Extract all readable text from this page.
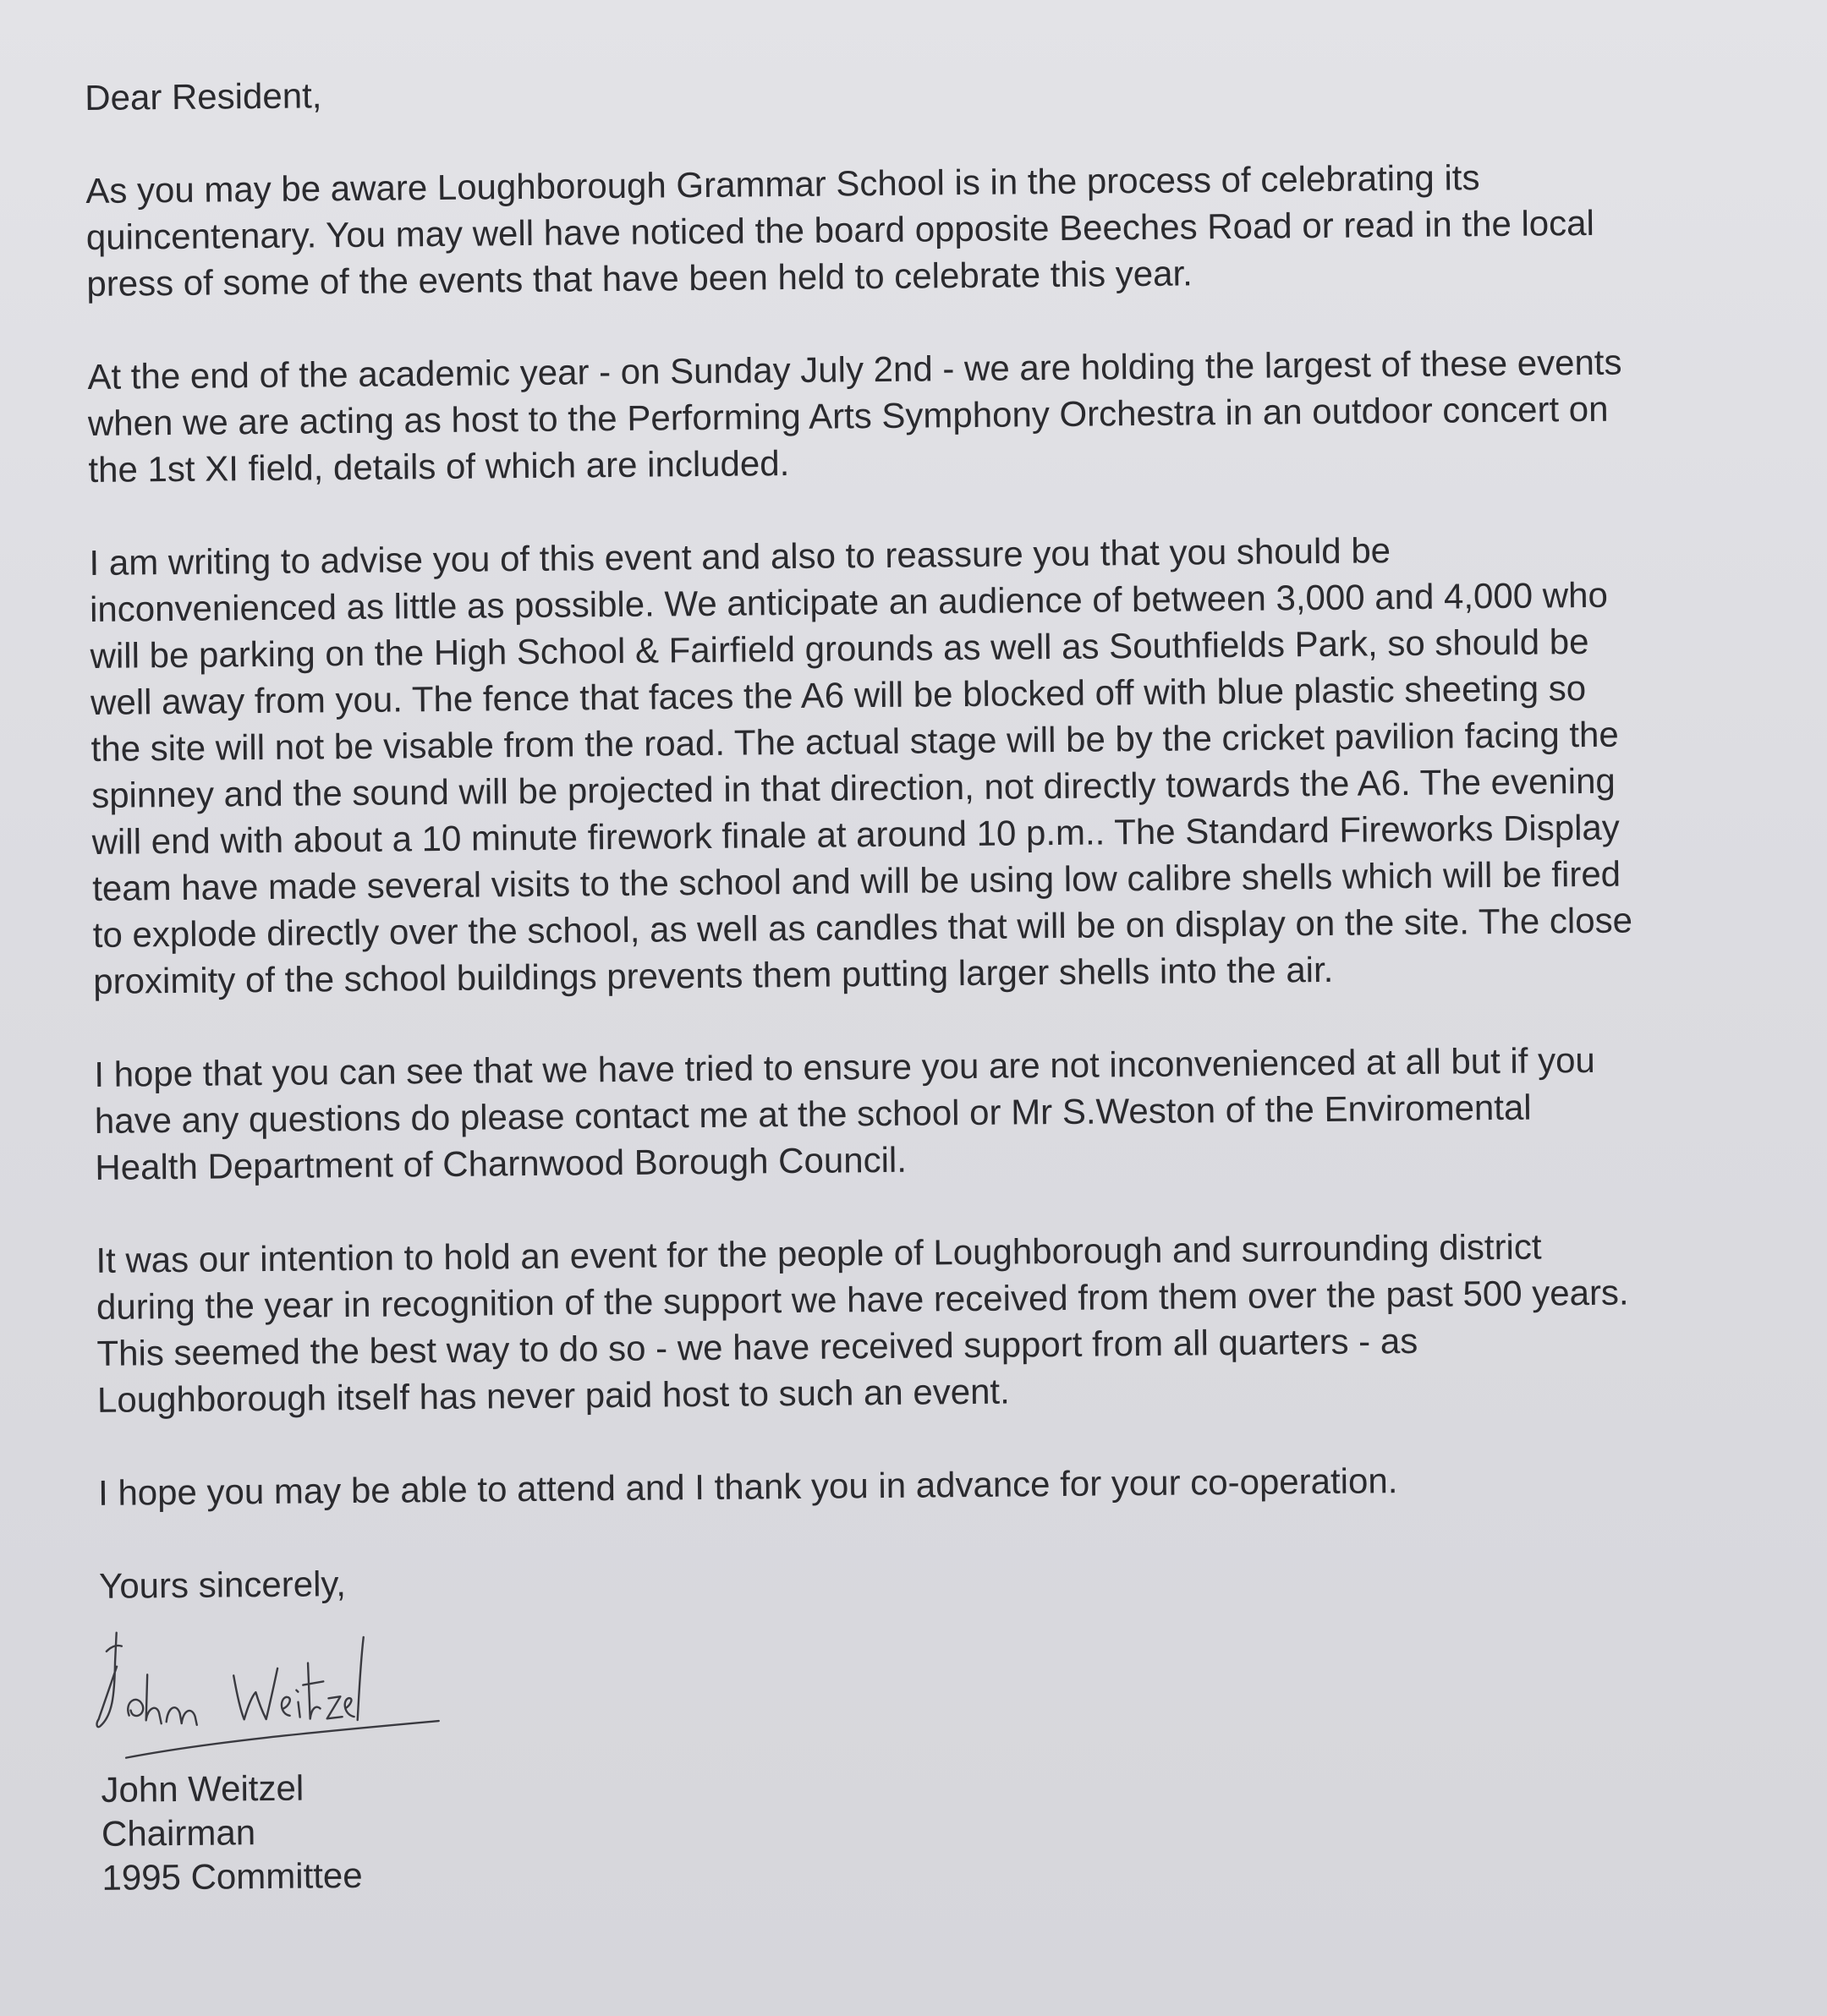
Dear Resident,

As you may be aware Loughborough Grammar School is in the process of celebrating its
quincentenary. You may well have noticed the board opposite Beeches Road or read in the local
press of some of the events that have been held to celebrate this year.

At the end of the academic year - on Sunday July 2nd - we are holding the largest of these events
when we are acting as host to the Performing Arts Symphony Orchestra in an outdoor concert on
the 1st XI field, details of which are included.

I am writing to advise you of this event and also to reassure you that you should be
inconvenienced as little as possible. We anticipate an audience of between 3,000 and 4,000 who
will be parking on the High School & Fairfield grounds as well as Southfields Park, so should be
well away from you. The fence that faces the A6 will be blocked off with blue plastic sheeting so
the site will not be visable from the road. The actual stage will be by the cricket pavilion facing the
spinney and the sound will be projected in that direction, not directly towards the A6. The evening
will end with about a 10 minute firework finale at around 10 p.m.. The Standard Fireworks Display
team have made several visits to the school and will be using low calibre shells which will be fired
to explode directly over the school, as well as candles that will be on display on the site. The close
proximity of the school buildings prevents them putting larger shells into the air.

I hope that you can see that we have tried to ensure you are not inconvenienced at all but if you
have any questions do please contact me at the school or Mr S.Weston of the Enviromental
Health Department of Charnwood Borough Council.

It was our intention to hold an event for the people of Loughborough and surrounding district
during the year in recognition of the support we have received from them over the past 500 years.
This seemed the best way to do so - we have received support from all quarters - as
Loughborough itself has never paid host to such an event.

I hope you may be able to attend and I thank you in advance for your co-operation.

Yours sincerely,

John Weitzel
Chairman
1995 Committee
